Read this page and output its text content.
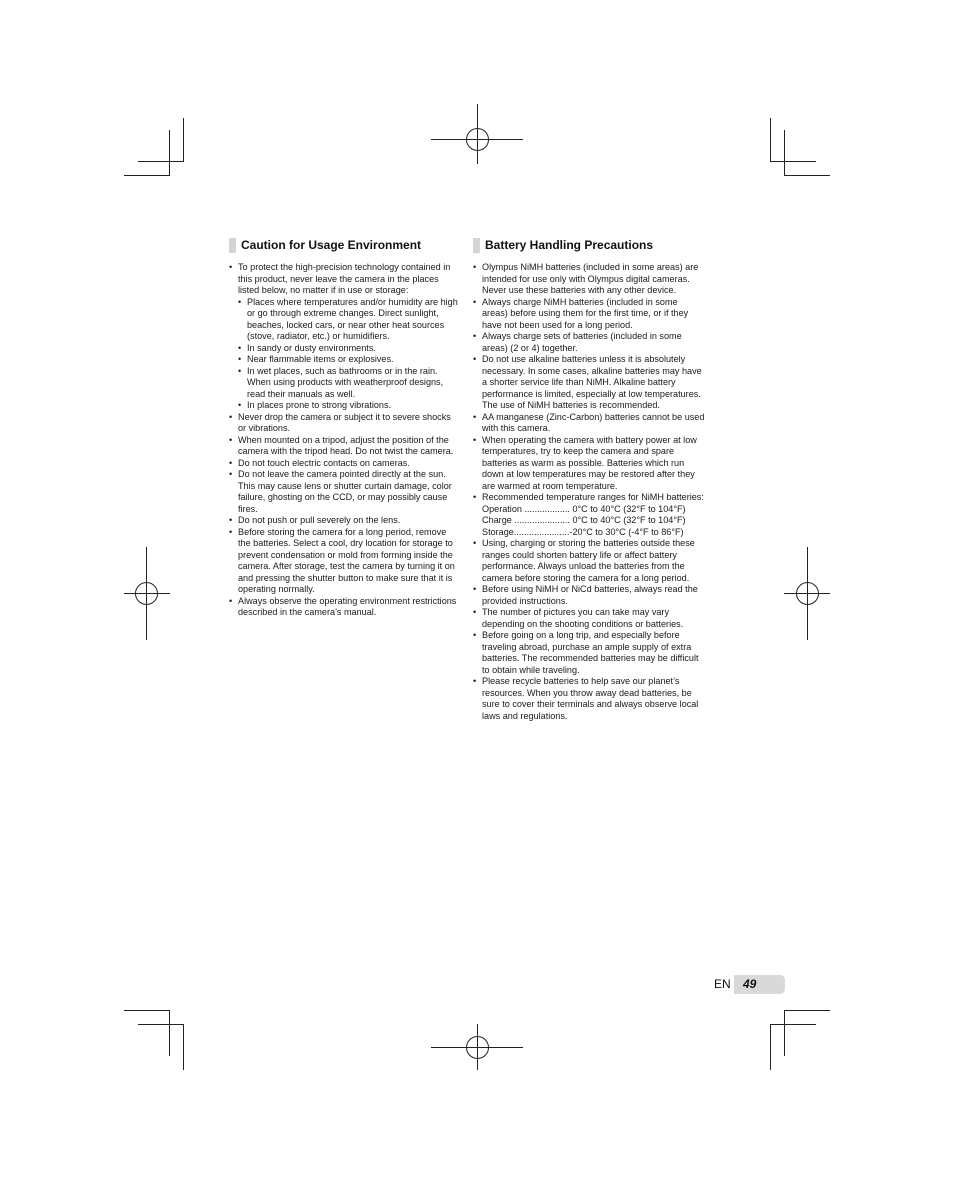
Caution for Usage Environment
• To protect the high-precision technology contained in this product, never leave the camera in the places listed below, no matter if in use or storage:
• Places where temperatures and/or humidity are high or go through extreme changes. Direct sunlight, beaches, locked cars, or near other heat sources (stove, radiator, etc.) or humidifiers.
• In sandy or dusty environments.
• Near flammable items or explosives.
• In wet places, such as bathrooms or in the rain. When using products with weatherproof designs, read their manuals as well.
• In places prone to strong vibrations.
• Never drop the camera or subject it to severe shocks or vibrations.
• When mounted on a tripod, adjust the position of the camera with the tripod head. Do not twist the camera.
• Do not touch electric contacts on cameras.
• Do not leave the camera pointed directly at the sun. This may cause lens or shutter curtain damage, color failure, ghosting on the CCD, or may possibly cause fires.
• Do not push or pull severely on the lens.
• Before storing the camera for a long period, remove the batteries. Select a cool, dry location for storage to prevent condensation or mold from forming inside the camera. After storage, test the camera by turning it on and pressing the shutter button to make sure that it is operating normally.
• Always observe the operating environment restrictions described in the camera’s manual.
Battery Handling Precautions
• Olympus NiMH batteries (included in some areas) are intended for use only with Olympus digital cameras. Never use these batteries with any other device.
• Always charge NiMH batteries (included in some areas) before using them for the first time, or if they have not been used for a long period.
• Always charge sets of batteries (included in some areas) (2 or 4) together.
• Do not use alkaline batteries unless it is absolutely necessary. In some cases, alkaline batteries may have a shorter service life than NiMH. Alkaline battery performance is limited, especially at low temperatures. The use of NiMH batteries is recommended.
• AA manganese (Zinc-Carbon) batteries cannot be used with this camera.
• When operating the camera with battery power at low temperatures, try to keep the camera and spare batteries as warm as possible. Batteries which run down at low temperatures may be restored after they are warmed at room temperature.
• Recommended temperature ranges for NiMH batteries:
Operation .................. 0°C to 40°C (32°F to 104°F)
Charge ...................... 0°C to 40°C (32°F to 104°F)
Storage......................-20°C to 30°C (-4°F to 86°F)
• Using, charging or storing the batteries outside these ranges could shorten battery life or affect battery performance. Always unload the batteries from the camera before storing the camera for a long period.
• Before using NiMH or NiCd batteries, always read the provided instructions.
• The number of pictures you can take may vary depending on the shooting conditions or batteries.
• Before going on a long trip, and especially before traveling abroad, purchase an ample supply of extra batteries. The recommended batteries may be difficult to obtain while traveling.
• Please recycle batteries to help save our planet’s resources. When you throw away dead batteries, be sure to cover their terminals and always observe local laws and regulations.
EN 49
